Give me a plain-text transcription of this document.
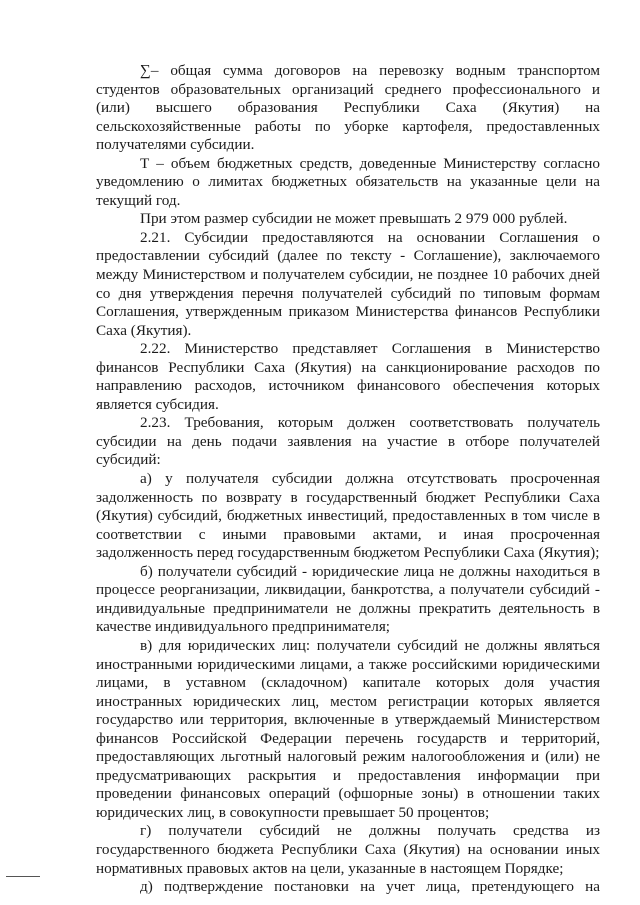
∑– общая сумма договоров на перевозку водным транспортом
студентов образовательных организаций среднего профессионального и
(или) высшего образования Республики Саха (Якутия) на
сельскохозяйственные работы по уборке картофеля, предоставленных
получателями субсидии.
Т – объем бюджетных средств, доведенные Министерству согласно
уведомлению о лимитах бюджетных обязательств на указанные цели на
текущий год.
При этом размер субсидии не может превышать 2 979 000 рублей.
2.21. Субсидии предоставляются на основании Соглашения о
предоставлении субсидий (далее по тексту - Соглашение), заключаемого
между Министерством и получателем субсидии, не позднее 10 рабочих дней
со дня утверждения перечня получателей субсидий по типовым формам
Соглашения, утвержденным приказом Министерства финансов Республики
Саха (Якутия).
2.22. Министерство представляет Соглашения в Министерство
финансов Республики Саха (Якутия) на санкционирование расходов по
направлению расходов, источником финансового обеспечения которых
является субсидия.
2.23. Требования, которым должен соответствовать получатель
субсидии на день подачи заявления на участие в отборе получателей
субсидий:
а) у получателя субсидии должна отсутствовать просроченная
задолженность по возврату в государственный бюджет Республики Саха
(Якутия) субсидий, бюджетных инвестиций, предоставленных в том числе в
соответствии с иными правовыми актами, и иная просроченная
задолженность перед государственным бюджетом Республики Саха (Якутия);
б) получатели субсидий - юридические лица не должны находиться в
процессе реорганизации, ликвидации, банкротства, а получатели субсидий -
индивидуальные предприниматели не должны прекратить деятельность в
качестве индивидуального предпринимателя;
в) для юридических лиц: получатели субсидий не должны являться
иностранными юридическими лицами, а также российскими юридическими
лицами, в уставном (складочном) капитале которых доля участия
иностранных юридических лиц, местом регистрации которых является
государство или территория, включенные в утверждаемый Министерством
финансов Российской Федерации перечень государств и территорий,
предоставляющих льготный налоговый режим налогообложения и (или) не
предусматривающих раскрытия и предоставления информации при
проведении финансовых операций (офшорные зоны) в отношении таких
юридических лиц, в совокупности превышает 50 процентов;
г) получатели субсидий не должны получать средства из
государственного бюджета Республики Саха (Якутия) на основании иных
нормативных правовых актов на цели, указанные в настоящем Порядке;
д) подтверждение постановки на учет лица, претендующего на
